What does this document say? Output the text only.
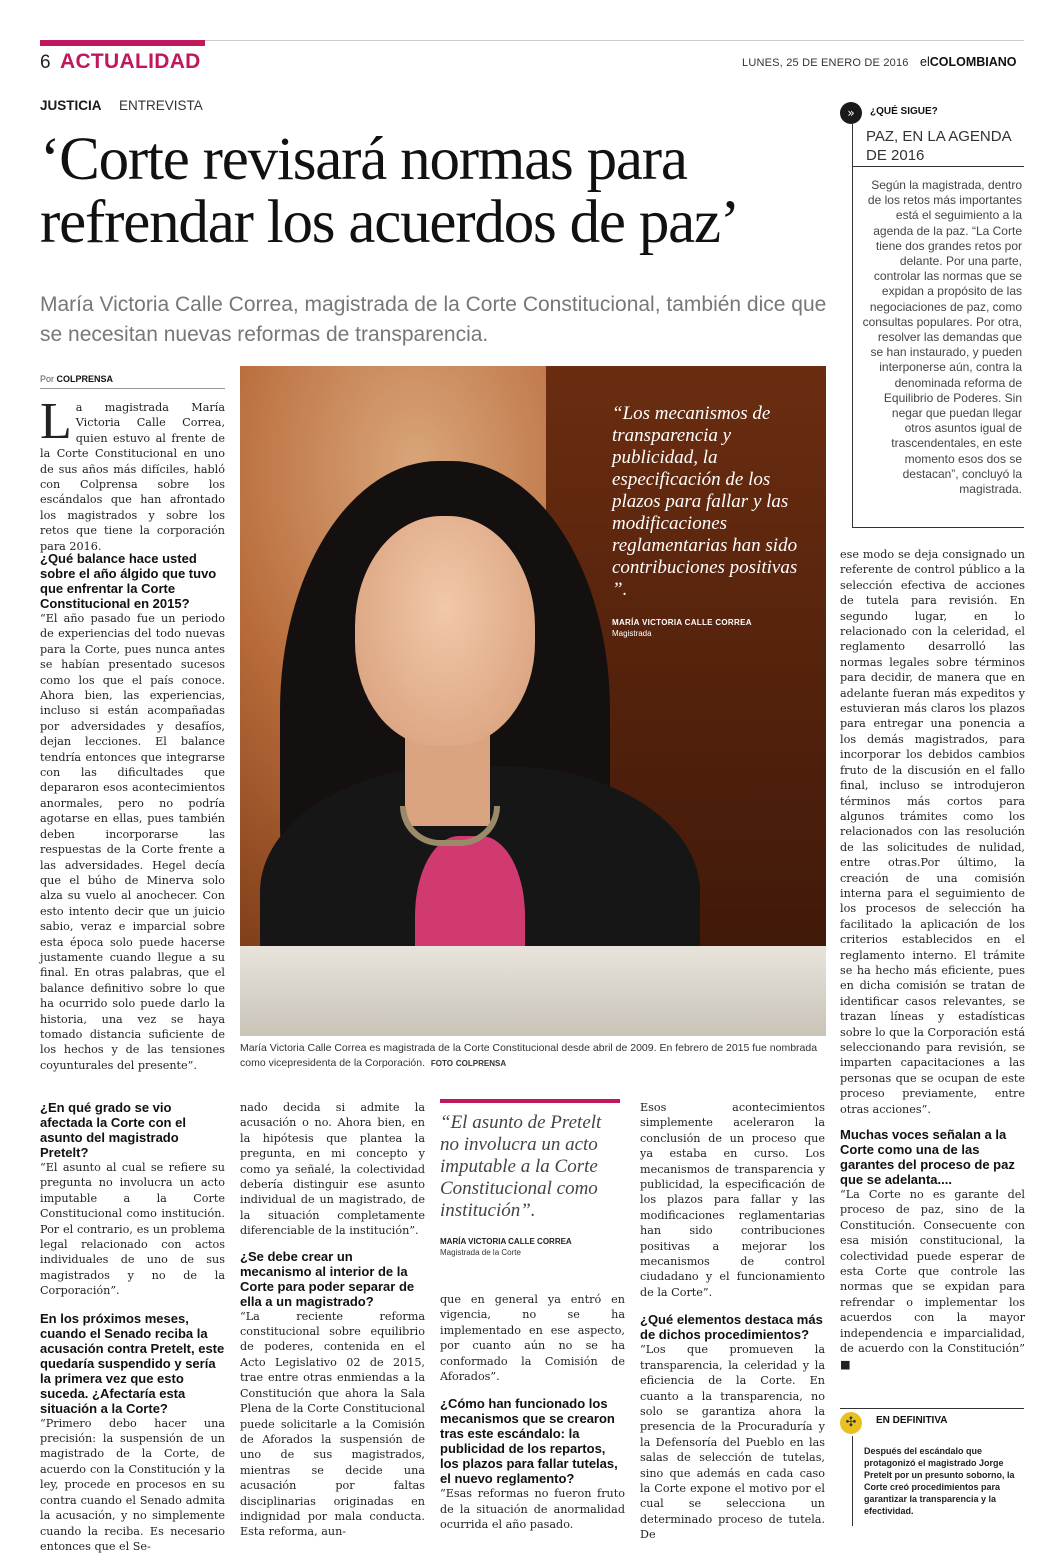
6 ACTUALIDAD	LUNES, 25 DE ENERO DE 2016 elCOLOMBIANO
JUSTICIA ENTREVISTA
‘Corte revisará normas para refrendar los acuerdos de paz’
María Victoria Calle Correa, magistrada de la Corte Constitucional, también dice que se necesitan nuevas reformas de transparencia.
Por COLPRENSA
La magistrada María Victoria Calle Correa, quien estuvo al frente de la Corte Constitucional en uno de sus años más difíciles, habló con Colprensa sobre los escándalos que han afrontado los magistrados y sobre los retos que tiene la corporación para 2016.
¿Qué balance hace usted sobre el año álgido que tuvo que enfrentar la Corte Constitucional en 2015?
“El año pasado fue un periodo de experiencias del todo nuevas para la Corte, pues nunca antes se habían presentado sucesos como los que el país conoce. Ahora bien, las experiencias, incluso si están acompañadas por adversidades y desafíos, dejan lecciones. El balance tendría entonces que integrarse con las dificultades que depararon esos acontecimientos anormales, pero no podría agotarse en ellas, pues también deben incorporarse las respuestas de la Corte frente a las adversidades. Hegel decía que el búho de Minerva solo alza su vuelo al anochecer. Con esto intento decir que un juicio sabio, veraz e imparcial sobre esta época solo puede hacerse justamente cuando llegue a su final. En otras palabras, que el balance definitivo sobre lo que ha ocurrido solo puede darlo la historia, una vez se haya tomado distancia suficiente de los hechos y de las tensiones coyunturales del presente”.
“Los mecanismos de transparencia y publicidad, la especificación de los plazos para fallar y las modificaciones reglamentarias han sido contribuciones positivas ”.
MARÍA VICTORIA CALLE CORREA
Magistrada
María Victoria Calle Correa es magistrada de la Corte Constitucional desde abril de 2009. En febrero de 2015 fue nombrada como vicepresidenta de la Corporación. FOTO COLPRENSA
¿En qué grado se vio afectada la Corte con el asunto del magistrado Pretelt?
“El asunto al cual se refiere su pregunta no involucra un acto imputable a la Corte Constitucional como institución. Por el contrario, es un problema legal relacionado con actos individuales de uno de sus magistrados y no de la Corporación”.
En los próximos meses, cuando el Senado reciba la acusación contra Pretelt, este quedaría suspendido y sería la primera vez que esto suceda. ¿Afectaría esta situación a la Corte?
“Primero debo hacer una precisión: la suspensión de un magistrado de la Corte, de acuerdo con la Constitución y la ley, procede en procesos en su contra cuando el Senado admita la acusación, y no simplemente cuando la reciba. Es necesario entonces que el Se-
nado decida si admite la acusación o no. Ahora bien, en la hipótesis que plantea la pregunta, en mi concepto y como ya señalé, la colectividad debería distinguir ese asunto individual de un magistrado, de la situación completamente diferenciable de la institución”.
¿Se debe crear un mecanismo al interior de la Corte para poder separar de ella a un magistrado?
“La reciente reforma constitucional sobre equilibrio de poderes, contenida en el Acto Legislativo 02 de 2015, trae entre otras enmiendas a la Constitución que ahora la Sala Plena de la Corte Constitucional puede solicitarle a la Comisión de Aforados la suspensión de uno de sus magistrados, mientras se decide una acusación por faltas disciplinarias originadas en indignidad por mala conducta. Esta reforma, aun-
“El asunto de Pretelt no involucra un acto imputable a la Corte Constitucional como institución”.
MARÍA VICTORIA CALLE CORREA
Magistrada de la Corte
que en general ya entró en vigencia, no se ha implementado en ese aspecto, por cuanto aún no se ha conformado la Comisión de Aforados”.
¿Cómo han funcionado los mecanismos que se crearon tras este escándalo: la publicidad de los repartos, los plazos para fallar tutelas, el nuevo reglamento?
“Esas reformas no fueron fruto de la situación de anormalidad ocurrida el año pasado.
Esos acontecimientos simplemente aceleraron la conclusión de un proceso que ya estaba en curso. Los mecanismos de transparencia y publicidad, la especificación de los plazos para fallar y las modificaciones reglamentarias han sido contribuciones positivas a mejorar los mecanismos de control ciudadano y el funcionamiento de la Corte”.
¿Qué elementos destaca más de dichos procedimientos?
“Los que promueven la transparencia, la celeridad y la eficiencia de la Corte. En cuanto a la transparencia, no solo se garantiza ahora la presencia de la Procuraduría y la Defensoría del Pueblo en las salas de selección de tutelas, sino que además en cada caso la Corte expone el motivo por el cual se selecciona un determinado proceso de tutela. De
ese modo se deja consignado un referente de control público a la selección efectiva de acciones de tutela para revisión. En segundo lugar, en lo relacionado con la celeridad, el reglamento desarrolló las normas legales sobre términos para decidir, de manera que en adelante fueran más expeditos y estuvieran más claros los plazos para entregar una ponencia a los demás magistrados, para incorporar los debidos cambios fruto de la discusión en el fallo final, incluso se introdujeron términos más cortos para algunos trámites como los relacionados con las resolución de las solicitudes de nulidad, entre otras.Por último, la creación de una comisión interna para el seguimiento de los procesos de selección ha facilitado la aplicación de los criterios establecidos en el reglamento interno. El trámite se ha hecho más eficiente, pues en dicha comisión se tratan de identificar casos relevantes, se trazan líneas y estadísticas sobre lo que la Corporación está seleccionando para revisión, se imparten capacitaciones a las personas que se ocupan de este proceso previamente, entre otras acciones”.
Muchas voces señalan a la Corte como una de las garantes del proceso de paz que se adelanta....
“La Corte no es garante del proceso de paz, sino de la Constitución. Consecuente con esa misión constitucional, la colectividad puede esperar de esta Corte que controle las normas que se expidan para refrendar o implementar los acuerdos con la mayor independencia e imparcialidad, de acuerdo con la Constitución” ■
»	¿QUÉ SIGUE?
PAZ, EN LA AGENDA DE 2016
Según la magistrada, dentro de los retos más importantes está el seguimiento a la agenda de la paz. “La Corte tiene dos grandes retos por delante. Por una parte, controlar las normas que se expidan a propósito de las negociaciones de paz, como consultas populares. Por otra, resolver las demandas que se han instaurado, y pueden interponerse aún, contra la denominada reforma de Equilibrio de Poderes. Sin negar que puedan llegar otros asuntos igual de trascendentales, en este momento esos dos se destacan”, concluyó la magistrada.
✣	EN DEFINITIVA
Después del escándalo que protagonizó el magistrado Jorge Pretelt por un presunto soborno, la Corte creó procedimientos para garantizar la transparencia y la efectividad.
